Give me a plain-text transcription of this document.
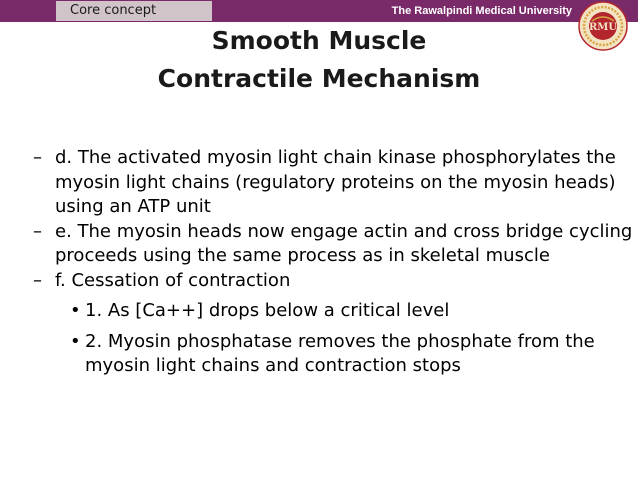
Core concept	The Rawalpindi Medical University
RMU
Smooth Muscle
Contractile Mechanism
– d. The activated myosin light chain kinase phosphorylates the myosin light chains (regulatory proteins on the myosin heads) using an ATP unit
– e. The myosin heads now engage actin and cross bridge cycling proceeds using the same process as in skeletal muscle
– f. Cessation of contraction
• 1. As [Ca++] drops below a critical level
• 2. Myosin phosphatase removes the phosphate from the myosin light chains and contraction stops
